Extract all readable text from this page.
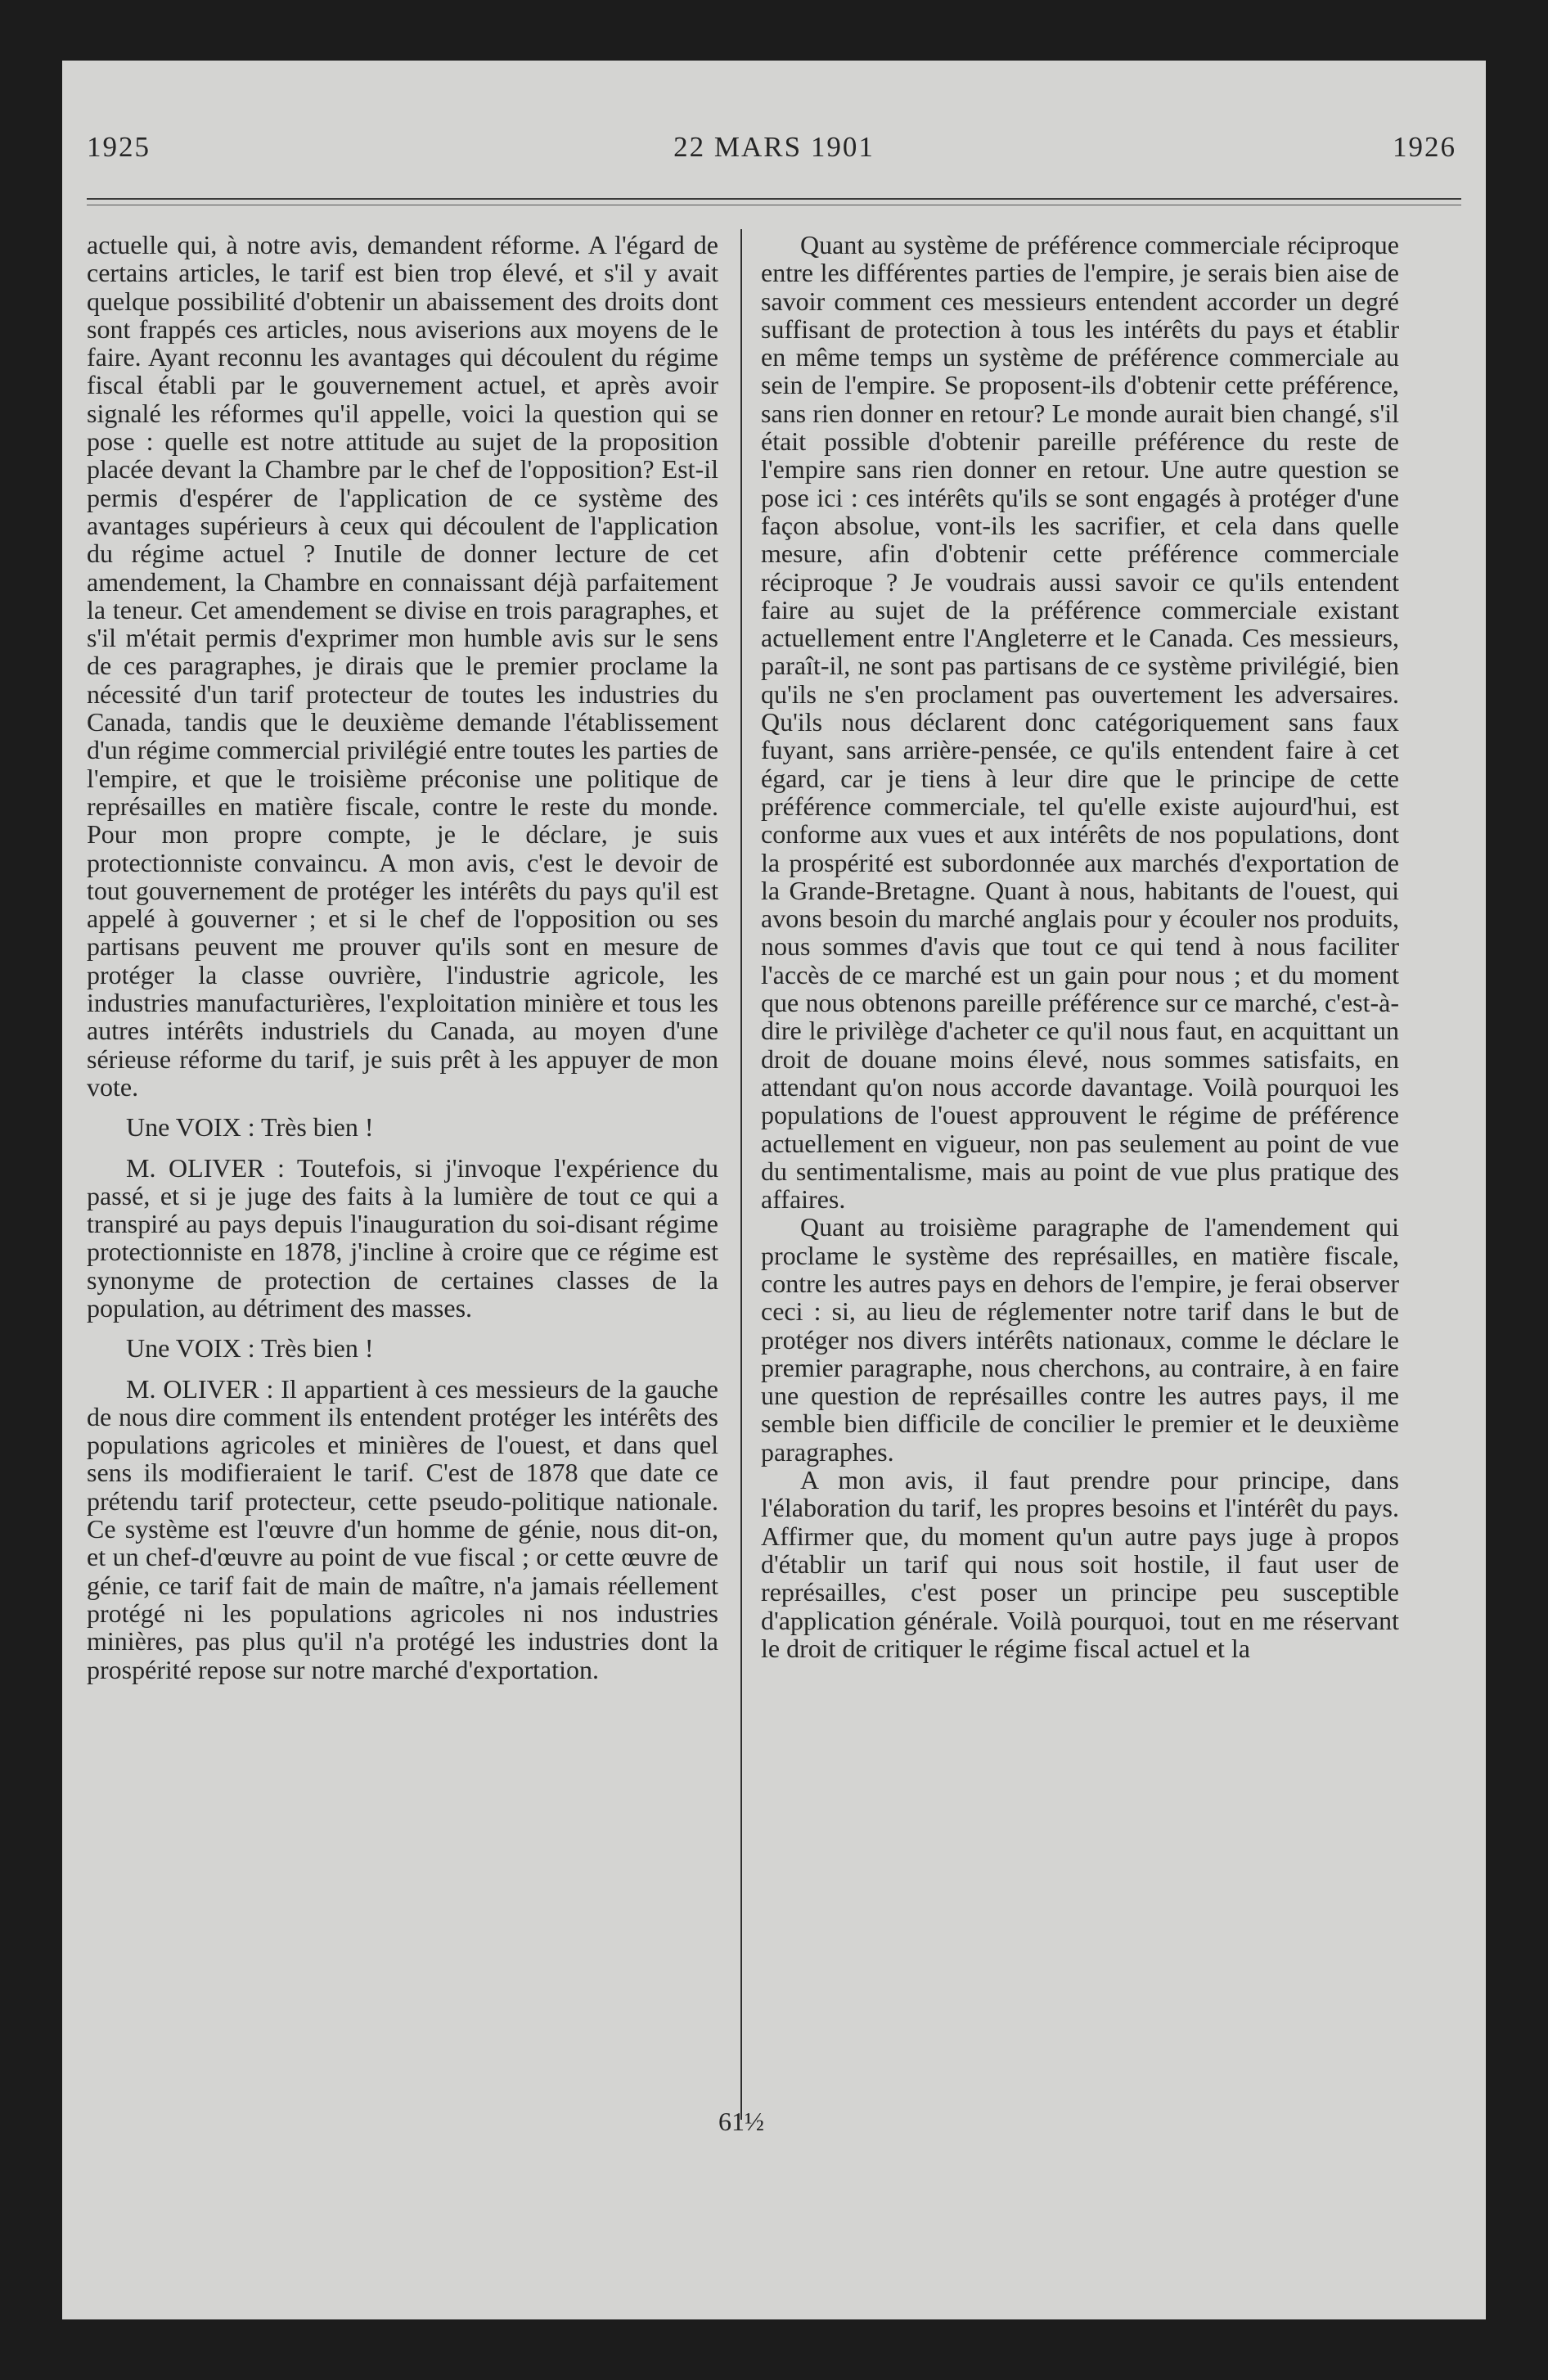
1925	22 MARS 1901	1926

actuelle qui, à notre avis, demandent réforme. A l'égard de certains articles, le tarif est bien trop élevé, et s'il y avait quelque possibilité d'obtenir un abaissement des droits dont sont frappés ces articles, nous aviserions aux moyens de le faire. Ayant reconnu les avantages qui découlent du régime fiscal établi par le gouvernement actuel, et après avoir signalé les réformes qu'il appelle, voici la question qui se pose : quelle est notre attitude au sujet de la proposition placée devant la Chambre par le chef de l'opposition? Est-il permis d'espérer de l'application de ce système des avantages supérieurs à ceux qui découlent de l'application du régime actuel ? Inutile de donner lecture de cet amendement, la Chambre en connaissant déjà parfaitement la teneur. Cet amendement se divise en trois paragraphes, et s'il m'était permis d'exprimer mon humble avis sur le sens de ces paragraphes, je dirais que le premier proclame la nécessité d'un tarif protecteur de toutes les industries du Canada, tandis que le deuxième demande l'établissement d'un régime commercial privilégié entre toutes les parties de l'empire, et que le troisième préconise une politique de représailles en matière fiscale, contre le reste du monde. Pour mon propre compte, je le déclare, je suis protectionniste convaincu. A mon avis, c'est le devoir de tout gouvernement de protéger les intérêts du pays qu'il est appelé à gouverner ; et si le chef de l'opposition ou ses partisans peuvent me prouver qu'ils sont en mesure de protéger la classe ouvrière, l'industrie agricole, les industries manufacturières, l'exploitation minière et tous les autres intérêts industriels du Canada, au moyen d'une sérieuse réforme du tarif, je suis prêt à les appuyer de mon vote.

Une VOIX : Très bien !

M. OLIVER : Toutefois, si j'invoque l'expérience du passé, et si je juge des faits à la lumière de tout ce qui a transpiré au pays depuis l'inauguration du soi-disant régime protectionniste en 1878, j'incline à croire que ce régime est synonyme de protection de certaines classes de la population, au détriment des masses.

Une VOIX : Très bien !

M. OLIVER : Il appartient à ces messieurs de la gauche de nous dire comment ils entendent protéger les intérêts des populations agricoles et minières de l'ouest, et dans quel sens ils modifieraient le tarif. C'est de 1878 que date ce prétendu tarif protecteur, cette pseudo-politique nationale. Ce système est l'œuvre d'un homme de génie, nous dit-on, et un chef-d'œuvre au point de vue fiscal ; or cette œuvre de génie, ce tarif fait de main de maître, n'a jamais réellement protégé ni les populations agricoles ni nos industries minières, pas plus qu'il n'a protégé les industries dont la prospérité repose sur notre marché d'exportation.

Quant au système de préférence commerciale réciproque entre les différentes parties de l'empire, je serais bien aise de savoir comment ces messieurs entendent accorder un degré suffisant de protection à tous les intérêts du pays et établir en même temps un système de préférence commerciale au sein de l'empire. Se proposent-ils d'obtenir cette préférence, sans rien donner en retour? Le monde aurait bien changé, s'il était possible d'obtenir pareille préférence du reste de l'empire sans rien donner en retour. Une autre question se pose ici : ces intérêts qu'ils se sont engagés à protéger d'une façon absolue, vont-ils les sacrifier, et cela dans quelle mesure, afin d'obtenir cette préférence commerciale réciproque ? Je voudrais aussi savoir ce qu'ils entendent faire au sujet de la préférence commerciale existant actuellement entre l'Angleterre et le Canada. Ces messieurs, paraît-il, ne sont pas partisans de ce système privilégié, bien qu'ils ne s'en proclament pas ouvertement les adversaires. Qu'ils nous déclarent donc catégoriquement sans faux fuyant, sans arrière-pensée, ce qu'ils entendent faire à cet égard, car je tiens à leur dire que le principe de cette préférence commerciale, tel qu'elle existe aujourd'hui, est conforme aux vues et aux intérêts de nos populations, dont la prospérité est subordonnée aux marchés d'exportation de la Grande-Bretagne. Quant à nous, habitants de l'ouest, qui avons besoin du marché anglais pour y écouler nos produits, nous sommes d'avis que tout ce qui tend à nous faciliter l'accès de ce marché est un gain pour nous ; et du moment que nous obtenons pareille préférence sur ce marché, c'est-à-dire le privilège d'acheter ce qu'il nous faut, en acquittant un droit de douane moins élevé, nous sommes satisfaits, en attendant qu'on nous accorde davantage. Voilà pourquoi les populations de l'ouest approuvent le régime de préférence actuellement en vigueur, non pas seulement au point de vue du sentimentalisme, mais au point de vue plus pratique des affaires.

Quant au troisième paragraphe de l'amendement qui proclame le système des représailles, en matière fiscale, contre les autres pays en dehors de l'empire, je ferai observer ceci : si, au lieu de réglementer notre tarif dans le but de protéger nos divers intérêts nationaux, comme le déclare le premier paragraphe, nous cherchons, au contraire, à en faire une question de représailles contre les autres pays, il me semble bien difficile de concilier le premier et le deuxième paragraphes.

A mon avis, il faut prendre pour principe, dans l'élaboration du tarif, les propres besoins et l'intérêt du pays. Affirmer que, du moment qu'un autre pays juge à propos d'établir un tarif qui nous soit hostile, il faut user de représailles, c'est poser un principe peu susceptible d'application générale. Voilà pourquoi, tout en me réservant le droit de critiquer le régime fiscal actuel et la

61½
